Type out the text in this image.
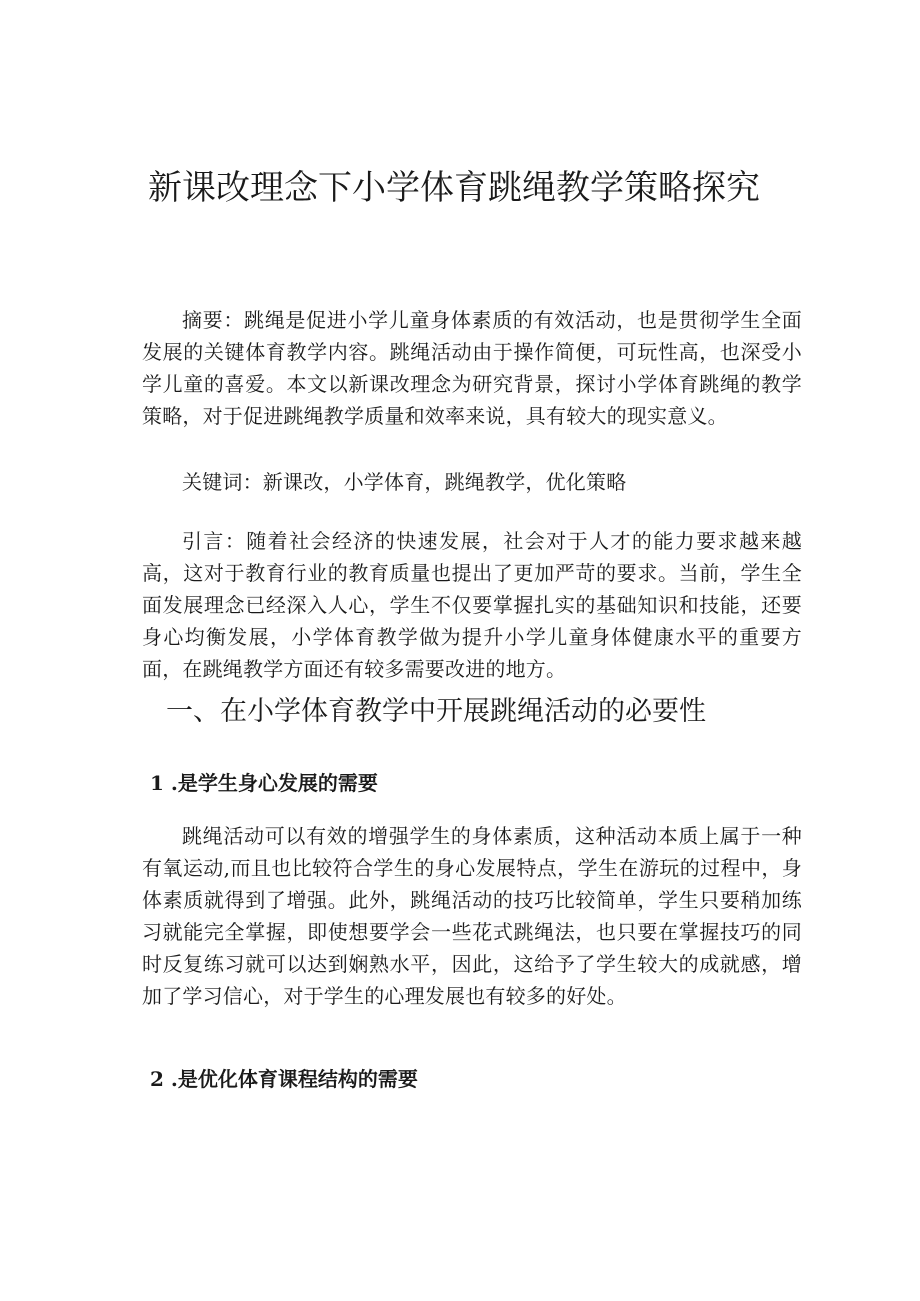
新课改理念下小学体育跳绳教学策略探究

摘要：跳绳是促进小学儿童身体素质的有效活动，也是贯彻学生全面发展的关键体育教学内容。跳绳活动由于操作简便，可玩性高，也深受小学儿童的喜爱。本文以新课改理念为研究背景，探讨小学体育跳绳的教学策略，对于促进跳绳教学质量和效率来说，具有较大的现实意义。

关键词：新课改，小学体育，跳绳教学，优化策略

引言：随着社会经济的快速发展，社会对于人才的能力要求越来越高，这对于教育行业的教育质量也提出了更加严苛的要求。当前，学生全面发展理念已经深入人心，学生不仅要掌握扎实的基础知识和技能，还要身心均衡发展，小学体育教学做为提升小学儿童身体健康水平的重要方面，在跳绳教学方面还有较多需要改进的地方。

一、在小学体育教学中开展跳绳活动的必要性
1 .是学生身心发展的需要

跳绳活动可以有效的增强学生的身体素质，这种活动本质上属于一种有氧运动,而且也比较符合学生的身心发展特点，学生在游玩的过程中，身体素质就得到了增强。此外，跳绳活动的技巧比较简单，学生只要稍加练习就能完全掌握，即使想要学会一些花式跳绳法，也只要在掌握技巧的同时反复练习就可以达到娴熟水平，因此，这给予了学生较大的成就感，增加了学习信心，对于学生的心理发展也有较多的好处。

2 .是优化体育课程结构的需要
